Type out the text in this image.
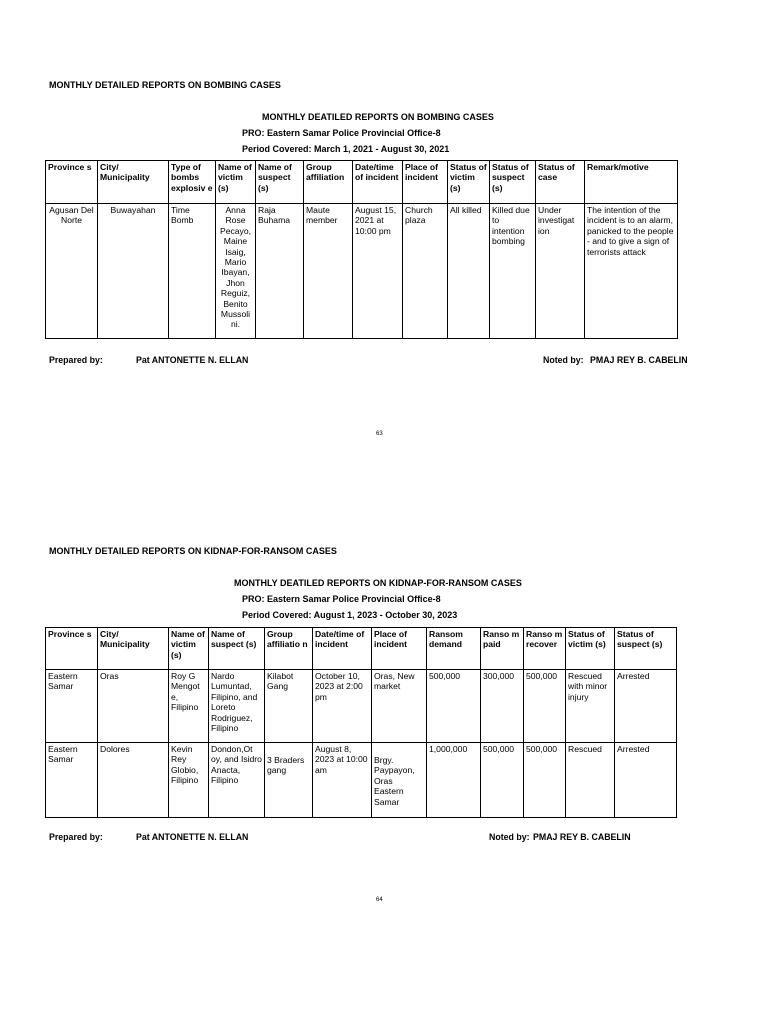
MONTHLY DETAILED REPORTS ON BOMBING CASES
MONTHLY DEATILED REPORTS ON BOMBING CASES
PRO: Eastern Samar Police Provincial Office-8
Period Covered: March 1, 2021 - August 30, 2021
Province s	City/ Municipality	Type of bombs explosiv e	Name of victim (s)	Name of suspect (s)	Group affiliation	Date/time of incident	Place of incident	Status of victim (s)	Status of suspect (s)	Status of case	Remark/motive
Agusan Del Norte	Buwayahan	Time Bomb	Anna Rose Pecayo, Maine Isaig, Mario Ibayan, Jhon Reguiz, Benito Mussoli ni.	Raja Buhama	Maute member	August 15, 2021 at 10:00 pm	Church plaza	All killed	Killed due to intention bombing	Under investigat ion	The intention of the incident is to an alarm, panicked to the people
- and to give a sign of terrorists attack
Prepared by:	Pat ANTONETTE N. ELLAN	Noted by: PMAJ REY B. CABELIN
63
MONTHLY DETAILED REPORTS ON KIDNAP-FOR-RANSOM CASES
MONTHLY DEATILED REPORTS ON KIDNAP-FOR-RANSOM CASES
PRO: Eastern Samar Police Provincial Office-8
Period Covered: August 1, 2023 - October 30, 2023
Province s	City/ Municipality	Name of victim (s)	Name of suspect (s)	Group affiliatio n	Date/time of incident	Place of incident	Ransom demand	Ranso m paid	Ranso m recover	Status of victim (s)	Status of suspect (s)
Eastern Samar	Oras	Roy G Mengot e, Filipino	Nardo Lumuntad, Filipino, and Loreto Rodriguez, Filipino	Kilabot Gang	October 10, 2023 at 2:00 pm	Oras, New market	500,000	300,000	500,000	Rescued with minor injury	Arrested
Eastern Samar	Dolores	Kevin Rey Globio, Filipino	Dondon,Ot oy, and Isidro Anacta, Filipino	3 Braders gang	August 8, 2023 at 10:00 am	Brgy. Paypayon, Oras Eastern Samar	1,000,000	500,000	500,000	Rescued	Arrested
Prepared by:	Pat ANTONETTE N. ELLAN	Noted by: PMAJ REY B. CABELIN
64
